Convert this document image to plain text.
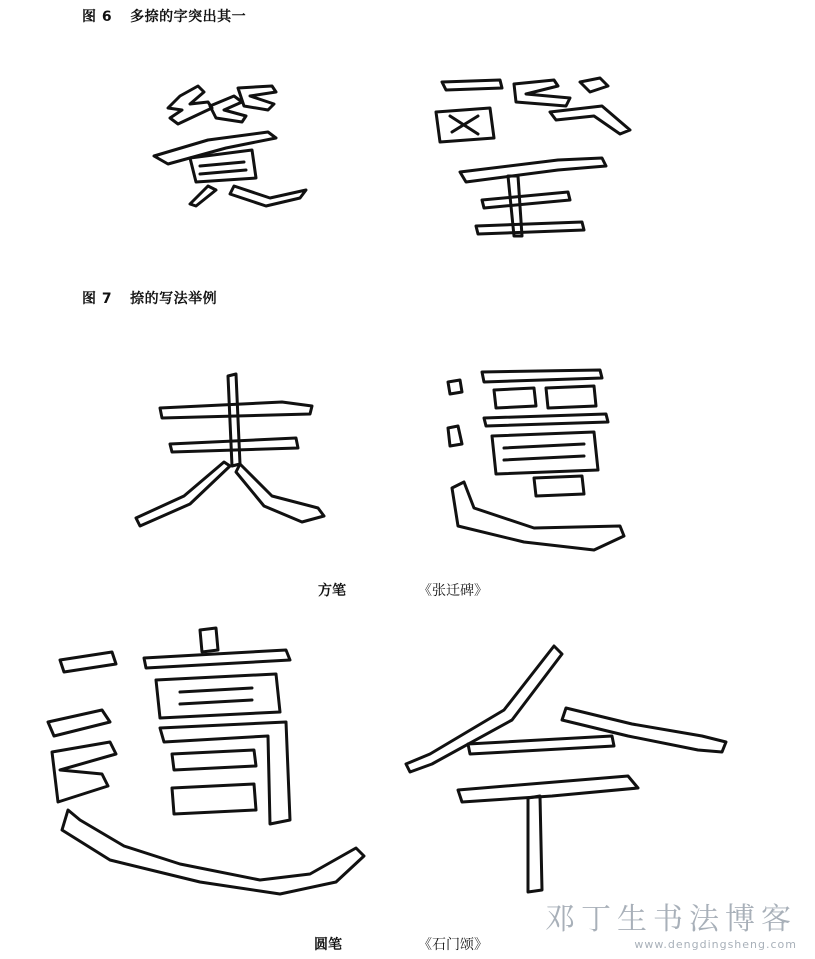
图 6 多捺的字突出其一
图 7 捺的写法举例
方笔	《张迁碑》
圆笔	《石门颂》
邓丁生书法博客
www.dengdingsheng.com
